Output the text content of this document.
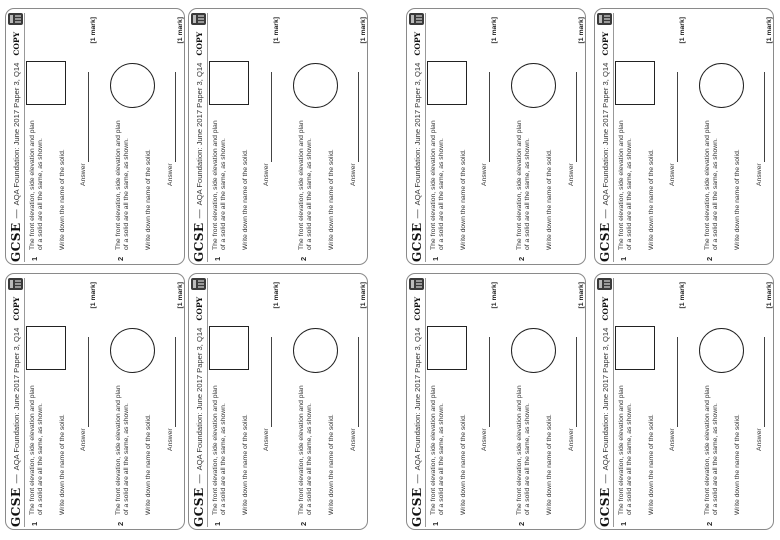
GCSE
—
AQA Foundation: June 2017 Paper 3, Q14
COPY
1
The front elevation, side elevation and plan of a solid are all the same, as shown. Write down the name of the solid. Answer
[1 mark]
2
The front elevation, side elevation and plan of a solid are all the same, as shown. Write down the name of the solid. Answer
[1 mark]
GCSE
—
AQA Foundation: June 2017 Paper 3, Q14
COPY
1
The front elevation, side elevation and plan of a solid are all the same, as shown. Write down the name of the solid. Answer
[1 mark]
2
The front elevation, side elevation and plan of a solid are all the same, as shown. Write down the name of the solid. Answer
[1 mark]
GCSE
—
AQA Foundation: June 2017 Paper 3, Q14
COPY
1
The front elevation, side elevation and plan of a solid are all the same, as shown. Write down the name of the solid. Answer
[1 mark]
2
The front elevation, side elevation and plan of a solid are all the same, as shown. Write down the name of the solid. Answer
[1 mark]
GCSE
—
AQA Foundation: June 2017 Paper 3, Q14
COPY
1
The front elevation, side elevation and plan of a solid are all the same, as shown. Write down the name of the solid. Answer
[1 mark]
2
The front elevation, side elevation and plan of a solid are all the same, as shown. Write down the name of the solid. Answer
[1 mark]
GCSE
—
AQA Foundation: June 2017 Paper 3, Q14
COPY
1
The front elevation, side elevation and plan of a solid are all the same, as shown. Write down the name of the solid. Answer
[1 mark]
2
The front elevation, side elevation and plan of a solid are all the same, as shown. Write down the name of the solid. Answer
[1 mark]
GCSE
—
AQA Foundation: June 2017 Paper 3, Q14
COPY
1
The front elevation, side elevation and plan of a solid are all the same, as shown. Write down the name of the solid. Answer
[1 mark]
2
The front elevation, side elevation and plan of a solid are all the same, as shown. Write down the name of the solid. Answer
[1 mark]
GCSE
—
AQA Foundation: June 2017 Paper 3, Q14
COPY
1
The front elevation, side elevation and plan of a solid are all the same, as shown. Write down the name of the solid. Answer
[1 mark]
2
The front elevation, side elevation and plan of a solid are all the same, as shown. Write down the name of the solid. Answer
[1 mark]
GCSE
—
AQA Foundation: June 2017 Paper 3, Q14
COPY
1
The front elevation, side elevation and plan of a solid are all the same, as shown. Write down the name of the solid. Answer
[1 mark]
2
The front elevation, side elevation and plan of a solid are all the same, as shown. Write down the name of the solid. Answer
[1 mark]
